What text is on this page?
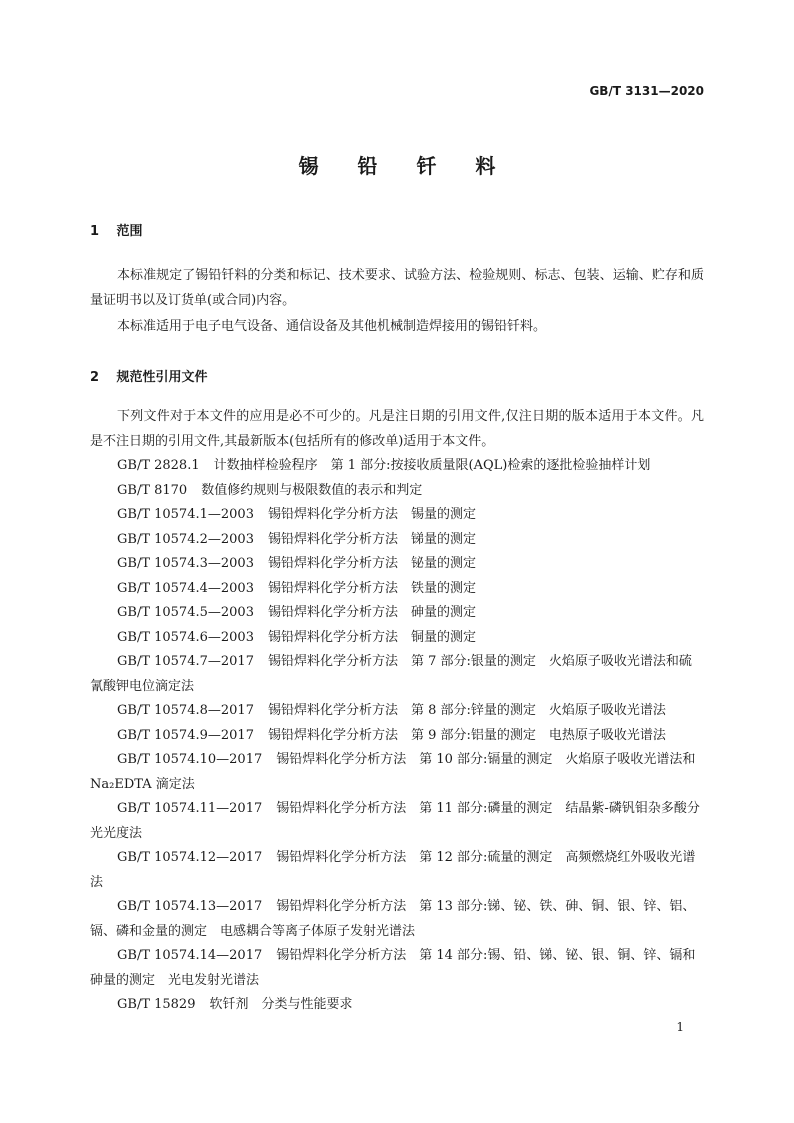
GB/T 3131—2020
锡 铅 钎 料
1 范围

本标准规定了锡铅钎料的分类和标记、技术要求、试验方法、检验规则、标志、包装、运输、贮存和质量证明书以及订货单(或合同)内容。

本标准适用于电子电气设备、通信设备及其他机械制造焊接用的锡铅钎料。

2 规范性引用文件

下列文件对于本文件的应用是必不可少的。凡是注日期的引用文件,仅注日期的版本适用于本文件。凡是不注日期的引用文件,其最新版本(包括所有的修改单)适用于本文件。

GB/T 2828.1 计数抽样检验程序　第 1 部分:按接收质量限(AQL)检索的逐批检验抽样计划
GB/T 8170 数值修约规则与极限数值的表示和判定
GB/T 10574.1—2003 锡铅焊料化学分析方法　锡量的测定
GB/T 10574.2—2003 锡铅焊料化学分析方法　锑量的测定
GB/T 10574.3—2003 锡铅焊料化学分析方法　铋量的测定
GB/T 10574.4—2003 锡铅焊料化学分析方法　铁量的测定
GB/T 10574.5—2003 锡铅焊料化学分析方法　砷量的测定
GB/T 10574.6—2003 锡铅焊料化学分析方法　铜量的测定
GB/T 10574.7—2017 锡铅焊料化学分析方法　第 7 部分:银量的测定　火焰原子吸收光谱法和硫氰酸钾电位滴定法
GB/T 10574.8—2017 锡铅焊料化学分析方法　第 8 部分:锌量的测定　火焰原子吸收光谱法
GB/T 10574.9—2017 锡铅焊料化学分析方法　第 9 部分:铝量的测定　电热原子吸收光谱法
GB/T 10574.10—2017 锡铅焊料化学分析方法　第 10 部分:镉量的测定　火焰原子吸收光谱法和 Na₂EDTA 滴定法
GB/T 10574.11—2017 锡铅焊料化学分析方法　第 11 部分:磷量的测定　结晶紫-磷钒钼杂多酸分光光度法
GB/T 10574.12—2017 锡铅焊料化学分析方法　第 12 部分:硫量的测定　高频燃烧红外吸收光谱法
GB/T 10574.13—2017 锡铅焊料化学分析方法　第 13 部分:锑、铋、铁、砷、铜、银、锌、铝、镉、磷和金量的测定　电感耦合等离子体原子发射光谱法
GB/T 10574.14—2017 锡铅焊料化学分析方法　第 14 部分:锡、铅、锑、铋、银、铜、锌、镉和砷量的测定　光电发射光谱法
GB/T 15829 软钎剂　分类与性能要求
1
